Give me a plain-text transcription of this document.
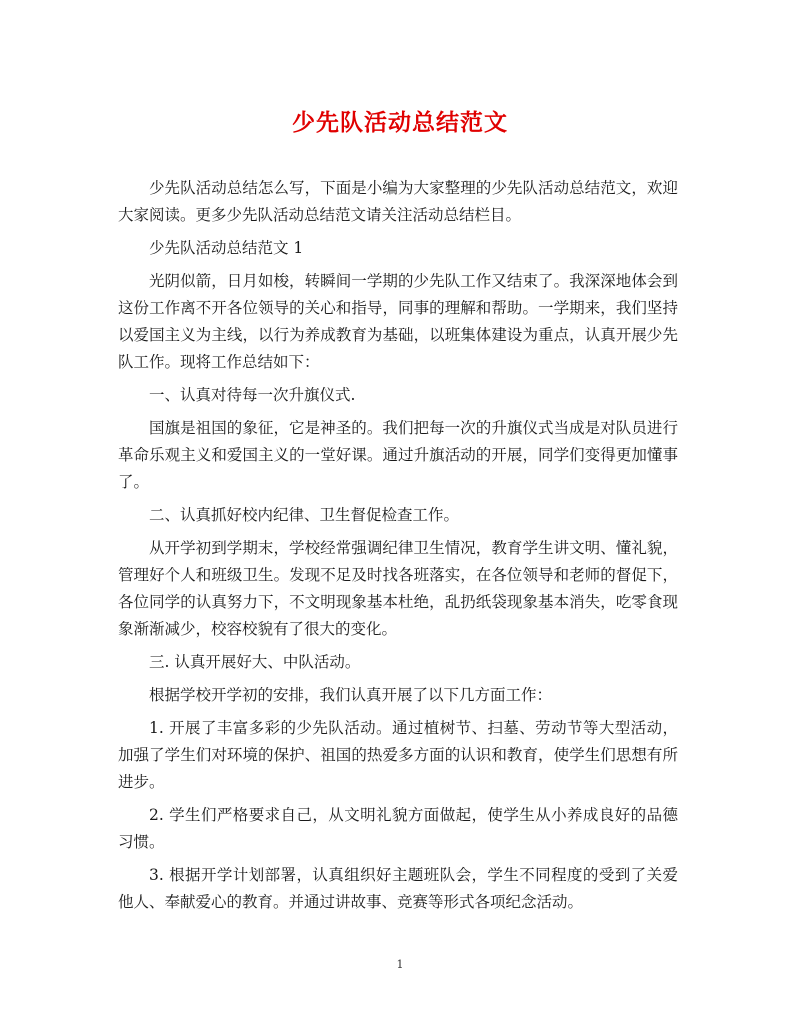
少先队活动总结范文

少先队活动总结怎么写，下面是小编为大家整理的少先队活动总结范文，欢迎大家阅读。更多少先队活动总结范文请关注活动总结栏目。

少先队活动总结范文 1

光阴似箭，日月如梭，转瞬间一学期的少先队工作又结束了。我深深地体会到这份工作离不开各位领导的关心和指导，同事的理解和帮助。一学期来，我们坚持以爱国主义为主线，以行为养成教育为基础，以班集体建设为重点，认真开展少先队工作。现将工作总结如下：

一、认真对待每一次升旗仪式.

国旗是祖国的象征，它是神圣的。我们把每一次的升旗仪式当成是对队员进行革命乐观主义和爱国主义的一堂好课。通过升旗活动的开展，同学们变得更加懂事了。

二、认真抓好校内纪律、卫生督促检查工作。

从开学初到学期末，学校经常强调纪律卫生情况，教育学生讲文明、懂礼貌，管理好个人和班级卫生。发现不足及时找各班落实，在各位领导和老师的督促下，各位同学的认真努力下，不文明现象基本杜绝，乱扔纸袋现象基本消失，吃零食现象渐渐减少，校容校貌有了很大的变化。

三. 认真开展好大、中队活动。

根据学校开学初的安排，我们认真开展了以下几方面工作：

1. 开展了丰富多彩的少先队活动。通过植树节、扫墓、劳动节等大型活动，加强了学生们对环境的保护、祖国的热爱多方面的认识和教育，使学生们思想有所进步。

2. 学生们严格要求自己，从文明礼貌方面做起，使学生从小养成良好的品德习惯。

3. 根据开学计划部署，认真组织好主题班队会，学生不同程度的受到了关爱他人、奉献爱心的教育。并通过讲故事、竞赛等形式各项纪念活动。

1
